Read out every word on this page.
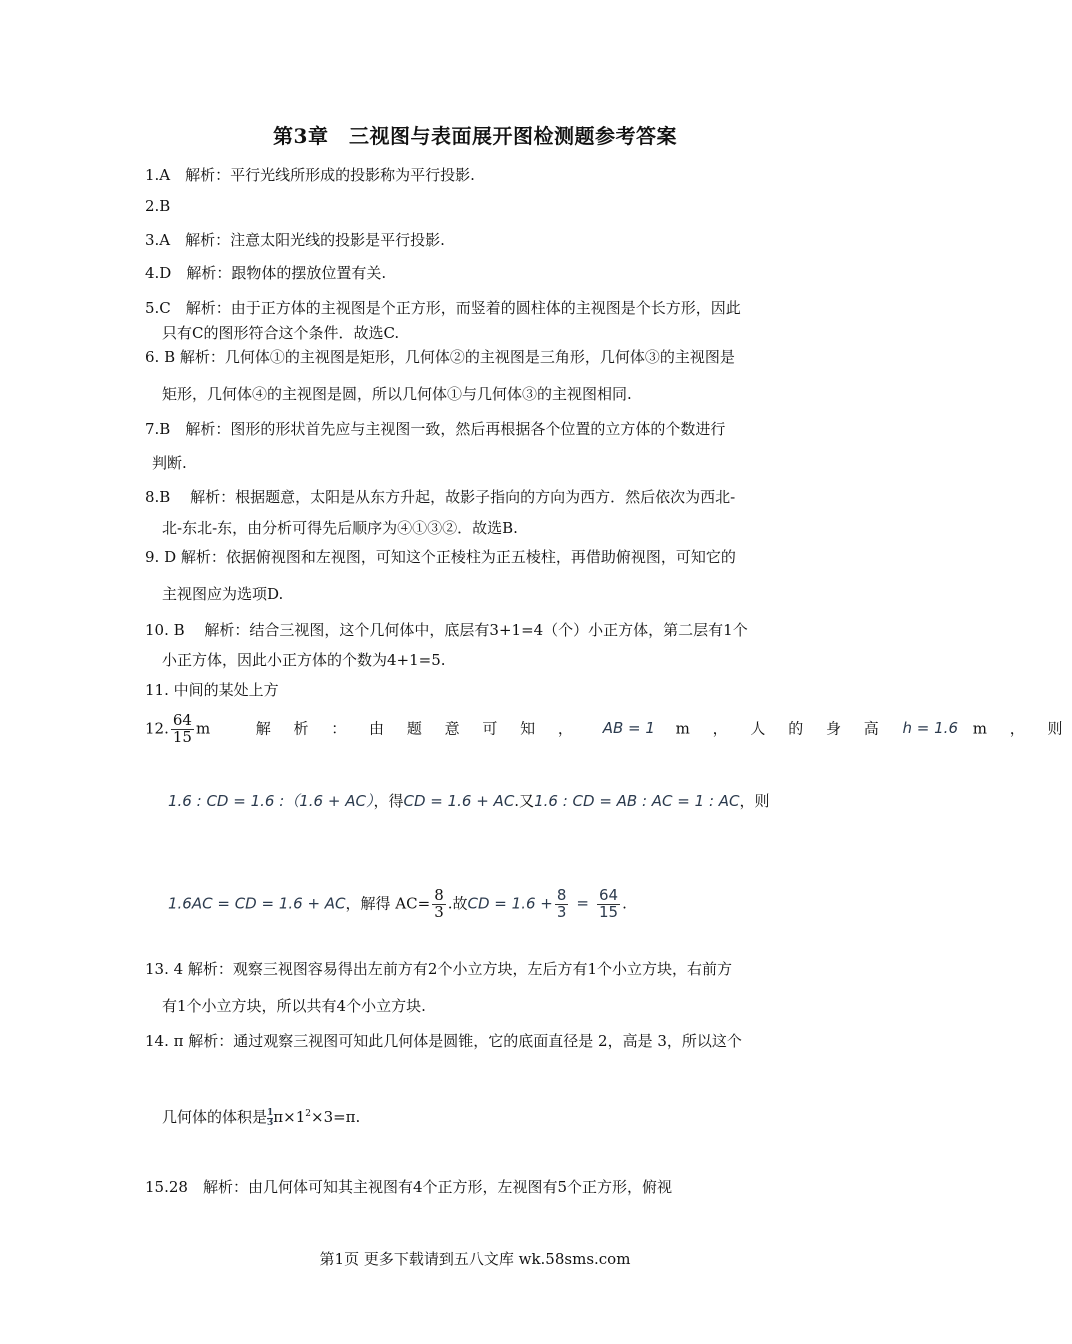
第3章　三视图与表面展开图检测题参考答案
1.A　解析：平行光线所形成的投影称为平行投影.
2.B
3.A　解析：注意太阳光线的投影是平行投影.
4.D　解析：跟物体的摆放位置有关.
5.C　解析：由于正方体的主视图是个正方形，而竖着的圆柱体的主视图是个长方形，因此
只有C的图形符合这个条件．故选C.
6. B 解析：几何体①的主视图是矩形，几何体②的主视图是三角形，几何体③的主视图是
矩形，几何体④的主视图是圆，所以几何体①与几何体③的主视图相同.
7.B　解析：图形的形状首先应与主视图一致，然后再根据各个位置的立方体的个数进行
判断.
8.B　 解析：根据题意，太阳是从东方升起，故影子指向的方向为西方．然后依次为西北-
北-东北-东，由分析可得先后顺序为④①③②．故选B.
9. D 解析：依据俯视图和左视图，可知这个正棱柱为正五棱柱，再借助俯视图，可知它的
主视图应为选项D.
10. B　 解析：结合三视图，这个几何体中，底层有3+1=4（个）小正方体，第二层有1个
小正方体，因此小正方体的个数为4+1=5.
11. 中间的某处上方
12. $\frac{64}{15}$ m	解 析 ： 由 题 意 可 知 ， AB = 1 m ， 人 的 身 高 h = 1.6 m ， 则
1.6 : CD = 1.6 :（1.6 + AC），得CD = 1.6 + AC.又1.6 : CD = AB : AC = 1 : AC，则
1.6AC = CD = 1.6 + AC，解得 $AC= \frac{8}{3}$ .故CD = $1.6 + \frac{8}{3} = \frac{64}{15}$ .
13. 4 解析：观察三视图容易得出左前方有2个小立方块，左后方有1个小立方块，右前方
有1个小立方块，所以共有4个小立方块.
14. π 解析：通过观察三视图可知此几何体是圆锥，它的底面直径是 2，高是 3，所以这个
几何体的体积是 $\frac{1}{3} \pi\times 1^2\times 3=\pi$.
15.28　解析：由几何体可知其主视图有4个正方形，左视图有5个正方形，俯视
第1页 更多下载请到五八文库 wk.58sms.com
